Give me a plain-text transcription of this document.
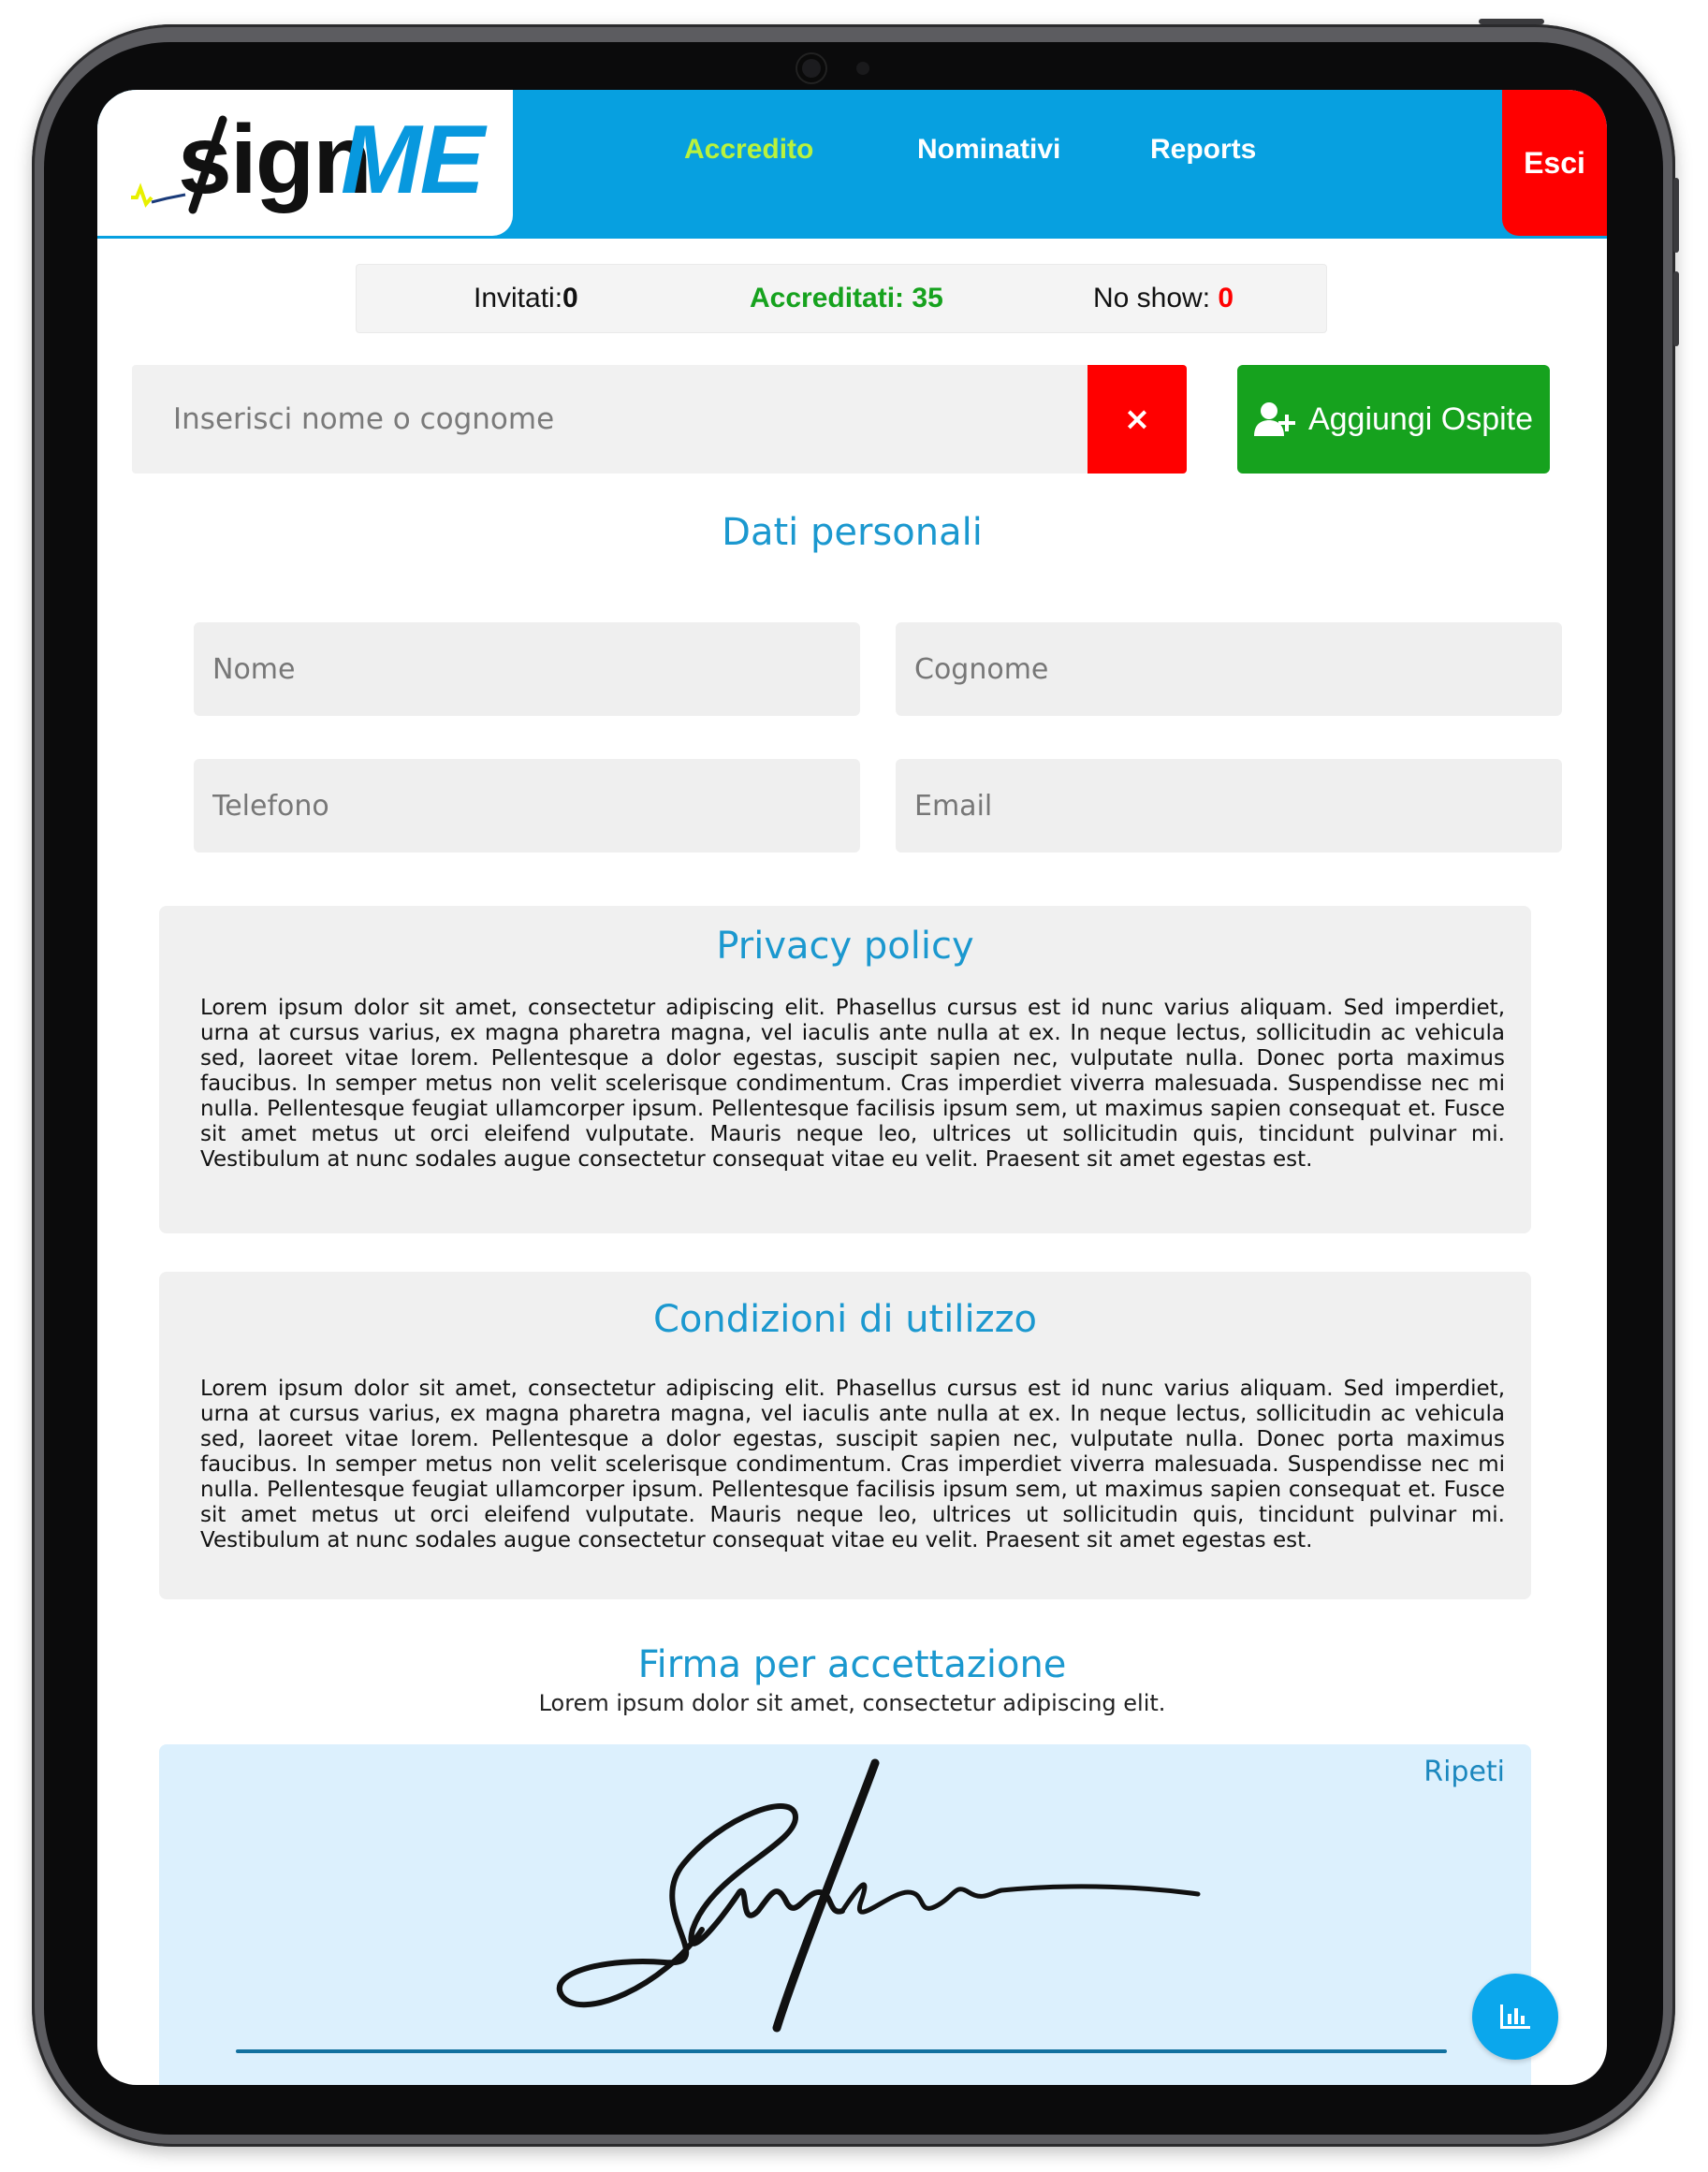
sign
ME	Accredito	Nominativi	Reports	Esci
Invitati:0	Accreditati: 35	No show: 0
Inserisci nome o cognome
×	Aggiungi Ospite
Dati personali
Nome
Cognome
Telefono
Email
Privacy policy
Lorem ipsum dolor sit amet, consectetur adipiscing elit. Phasellus cursus est id nunc varius aliquam. Sed imperdiet, urna at cursus varius, ex magna pharetra magna, vel iaculis ante nulla at ex. In neque lectus, sollicitudin ac vehicula sed, laoreet vitae lorem. Pellentesque a dolor egestas, suscipit sapien nec, vulputate nulla. Donec porta maximus faucibus. In semper metus non velit scelerisque condimentum. Cras imperdiet viverra malesuada. Suspendisse nec mi nulla. Pellentesque feugiat ullamcorper ipsum. Pellentesque facilisis ipsum sem, ut maximus sapien consequat et. Fusce sit amet metus ut orci eleifend vulputate. Mauris neque leo, ultrices ut sollicitudin quis, tincidunt pulvinar mi. Vestibulum at nunc sodales augue consectetur consequat vitae eu velit. Praesent sit amet egestas est.
Condizioni di utilizzo
Lorem ipsum dolor sit amet, consectetur adipiscing elit. Phasellus cursus est id nunc varius aliquam. Sed imperdiet, urna at cursus varius, ex magna pharetra magna, vel iaculis ante nulla at ex. In neque lectus, sollicitudin ac vehicula sed, laoreet vitae lorem. Pellentesque a dolor egestas, suscipit sapien nec, vulputate nulla. Donec porta maximus faucibus. In semper metus non velit scelerisque condimentum. Cras imperdiet viverra malesuada. Suspendisse nec mi nulla. Pellentesque feugiat ullamcorper ipsum. Pellentesque facilisis ipsum sem, ut maximus sapien consequat et. Fusce sit amet metus ut orci eleifend vulputate. Mauris neque leo, ultrices ut sollicitudin quis, tincidunt pulvinar mi. Vestibulum at nunc sodales augue consectetur consequat vitae eu velit. Praesent sit amet egestas est.
Firma per accettazione
Lorem ipsum dolor sit amet, consectetur adipiscing elit.
Ripeti
